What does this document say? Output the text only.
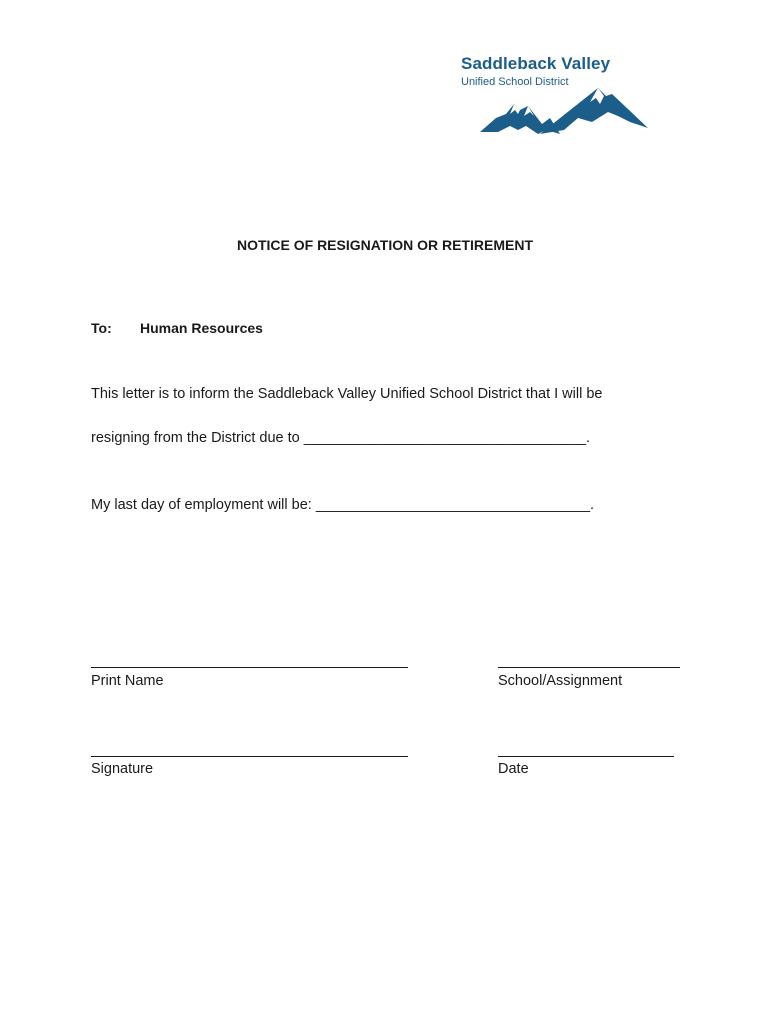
Saddleback Valley
Unified School District
NOTICE OF RESIGNATION OR RETIREMENT
To: Human Resources
This letter is to inform the Saddleback Valley Unified School District that I will be
resigning from the District due to ___________________________________.
My last day of employment will be: __________________________________.
Print Name	School/Assignment
Signature	Date
